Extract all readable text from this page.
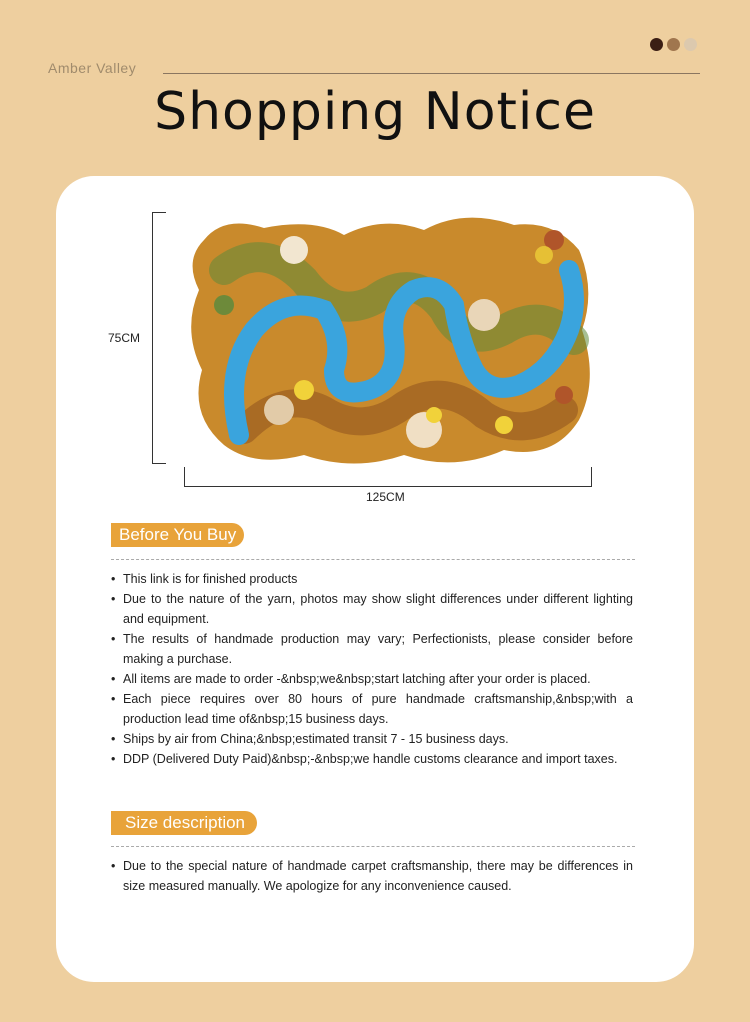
Amber Valley
Shopping Notice
75CM
125CM
Before You Buy
• This link is for finished products
• Due to the nature of the yarn, photos may show slight differences under different lighting and equipment.
• The results of handmade production may vary; Perfectionists, please consider before making a purchase.
• All items are made to order -&nbsp;we&nbsp;start latching after your order is placed.
• Each piece requires over 80 hours of pure handmade craftsmanship,&nbsp;with a production lead time of&nbsp;15 business days.
• Ships by air from China;&nbsp;estimated transit 7 - 15 business days.
• DDP (Delivered Duty Paid)&nbsp;-&nbsp;we handle customs clearance and import taxes.
Size description
• Due to the special nature of handmade carpet craftsmanship, there may be differences in size measured manually. We apologize for any inconvenience caused.
